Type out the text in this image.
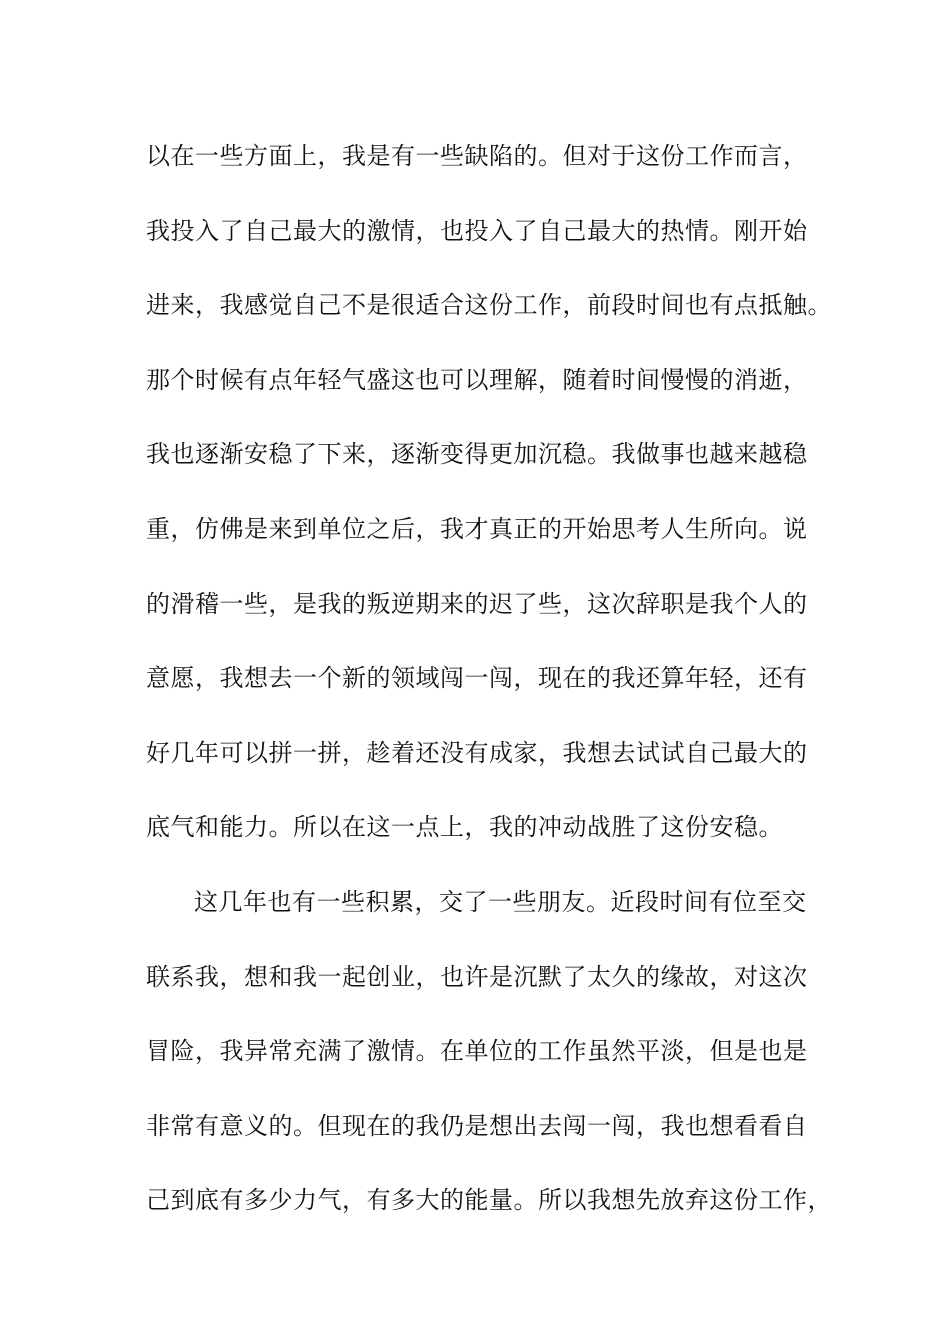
以在一些方面上，我是有一些缺陷的。但对于这份工作而言，
我投入了自己最大的激情，也投入了自己最大的热情。刚开始
进来，我感觉自己不是很适合这份工作，前段时间也有点抵触。
那个时候有点年轻气盛这也可以理解，随着时间慢慢的消逝，
我也逐渐安稳了下来，逐渐变得更加沉稳。我做事也越来越稳
重，仿佛是来到单位之后，我才真正的开始思考人生所向。说
的滑稽一些，是我的叛逆期来的迟了些，这次辞职是我个人的
意愿，我想去一个新的领域闯一闯，现在的我还算年轻，还有
好几年可以拼一拼，趁着还没有成家，我想去试试自己最大的
底气和能力。所以在这一点上，我的冲动战胜了这份安稳。
这几年也有一些积累，交了一些朋友。近段时间有位至交
联系我，想和我一起创业，也许是沉默了太久的缘故，对这次
冒险，我异常充满了激情。在单位的工作虽然平淡，但是也是
非常有意义的。但现在的我仍是想出去闯一闯，我也想看看自
己到底有多少力气，有多大的能量。所以我想先放弃这份工作，
